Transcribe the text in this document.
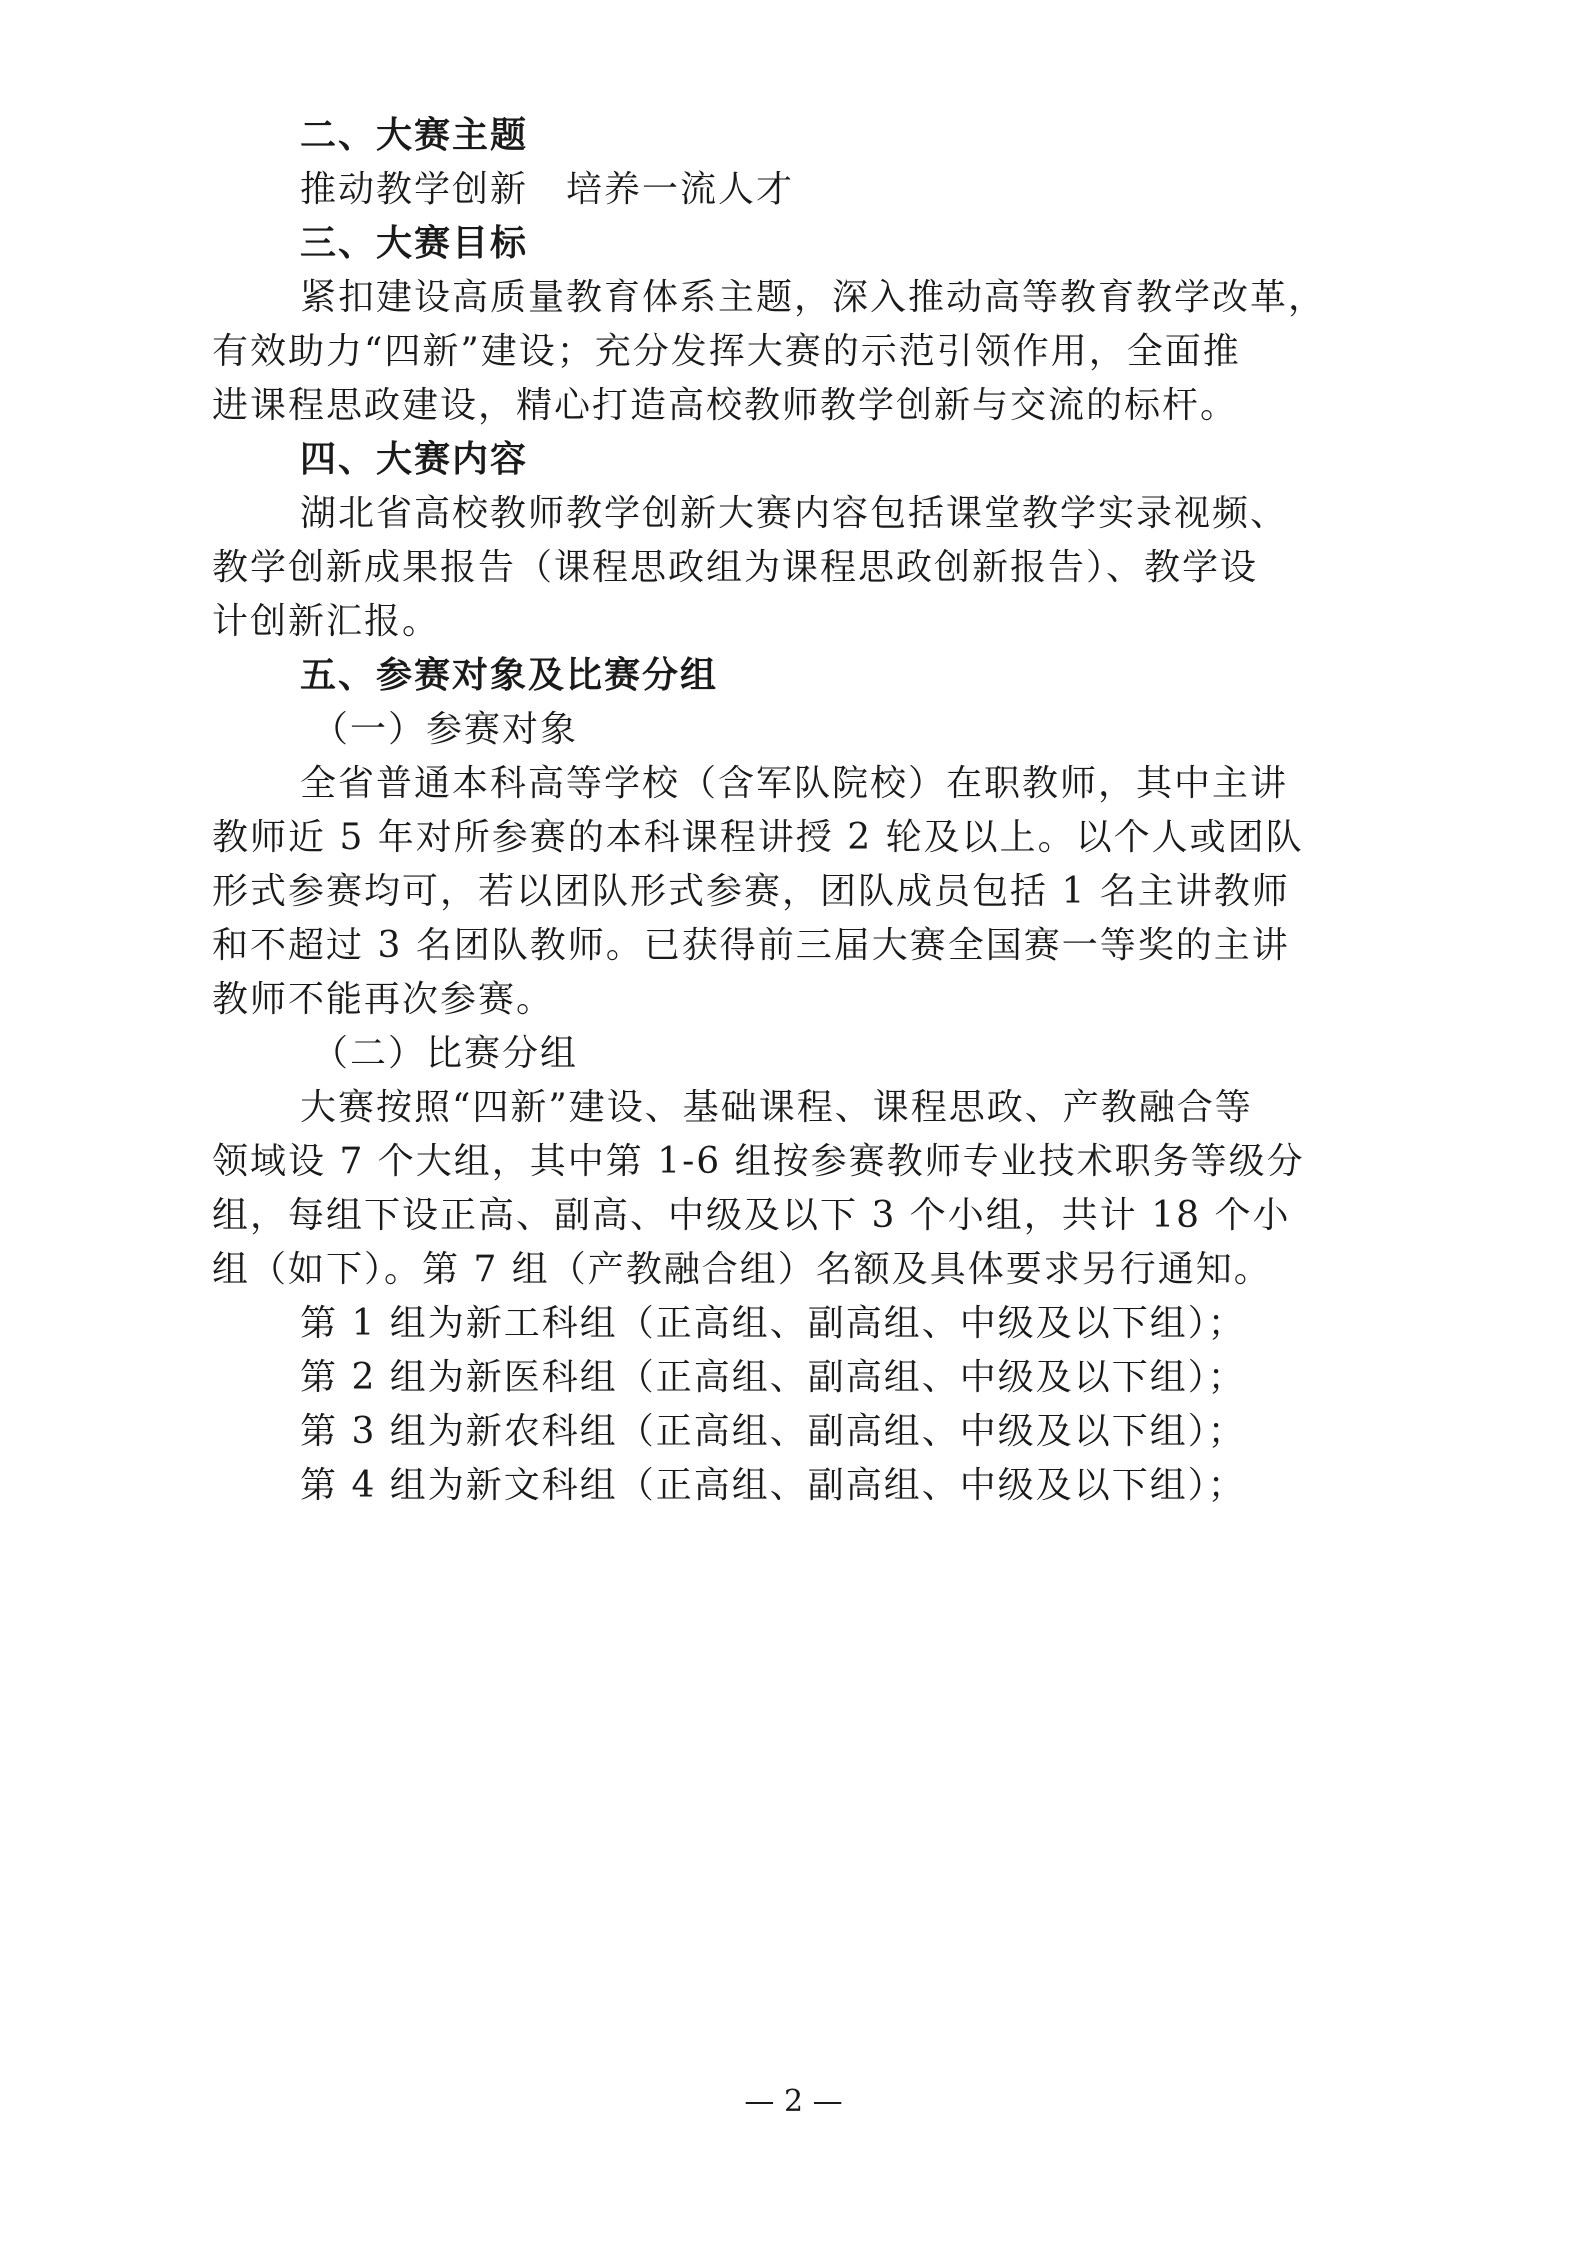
二、大赛主题
推动教学创新　培养一流人才
三、大赛目标
紧扣建设高质量教育体系主题，深入推动高等教育教学改革，
有效助力“四新”建设；充分发挥大赛的示范引领作用，全面推
进课程思政建设，精心打造高校教师教学创新与交流的标杆。
四、大赛内容
湖北省高校教师教学创新大赛内容包括课堂教学实录视频、
教学创新成果报告（课程思政组为课程思政创新报告）、教学设
计创新汇报。
五、参赛对象及比赛分组
（一）参赛对象
全省普通本科高等学校（含军队院校）在职教师，其中主讲
教师近 5 年对所参赛的本科课程讲授 2 轮及以上。以个人或团队
形式参赛均可，若以团队形式参赛，团队成员包括 1 名主讲教师
和不超过 3 名团队教师。已获得前三届大赛全国赛一等奖的主讲
教师不能再次参赛。
（二）比赛分组
大赛按照“四新”建设、基础课程、课程思政、产教融合等
领域设 7 个大组，其中第 1-6 组按参赛教师专业技术职务等级分
组，每组下设正高、副高、中级及以下 3 个小组，共计 18 个小
组（如下）。第 7 组（产教融合组）名额及具体要求另行通知。
第 1 组为新工科组（正高组、副高组、中级及以下组）；
第 2 组为新医科组（正高组、副高组、中级及以下组）；
第 3 组为新农科组（正高组、副高组、中级及以下组）；
第 4 组为新文科组（正高组、副高组、中级及以下组）；
— 2 —
